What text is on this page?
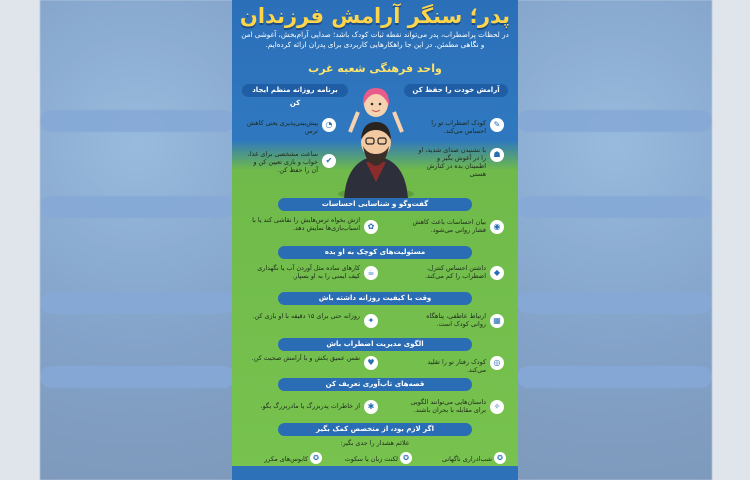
پدر؛ سنگر آرامش فرزندان
در لحظات پراضطراب، پدر می‌تواند نقطه ثبات کودک باشد؛ صدایی آرام‌بخش، آغوشی امن و نگاهی مطمئن. در این جا راهکارهایی کاربردی برای پدران ارائه کرده‌ایم.
واحد فرهنگی شعبه غرب
آرامش خودت را حفظ کن
برنامه روزانه منظم ایجاد کن
✎
کودک اضطراب تو را احساس می‌کند.
☗
با نشنیدن صدای شدید، او را در آغوش بگیر و اطمینان بده در کنارش هستی
◔
پیش‌بینی‌پذیری یعنی کاهش ترس
✔
ساعت مشخصی برای غذا، خواب و بازی تعیین کن و آن را حفظ کن.
گفت‌وگو و شناسایی احساسات
◉
بیان احساسات باعث کاهش فشار روانی می‌شود.
✿
ازش بخواه ترس‌هایش را نقاشی کند یا با اسباب‌بازی‌ها نمایش دهد.
مسئولیت‌های کوچک به او بده
◆
داشتن احساس کنترل، اضطراب را کم می‌کند.
☕
کارهای ساده مثل آوردن آب یا نگهداری کیف ایمنی را به او بسپار.
وقت با کیفیت روزانه داشته باش
▦
ارتباط عاطفی، پناهگاه روانی کودک است.
✦
روزانه حتی برای ۱۵ دقیقه با او بازی کن.
الگوی مدیریت اضطراب باش
◎
کودک رفتار تو را تقلید می‌کند.
♥
نفس عمیق بکش و با آرامش صحبت کن.
قصه‌های تاب‌آوری تعریف کن
✧
داستان‌هایی می‌توانند الگویی برای مقابله با بحران باشند.
✱
از خاطرات پدربزرگ یا مادربزرگ بگو.
اگر لازم بود، از متخصص کمک بگیر
علائم هشدار را جدی بگیر:
✪
شب‌ادراری ناگهانی
✪
لکنت زبان یا سکوت
✪
کابوس‌های مکرر
